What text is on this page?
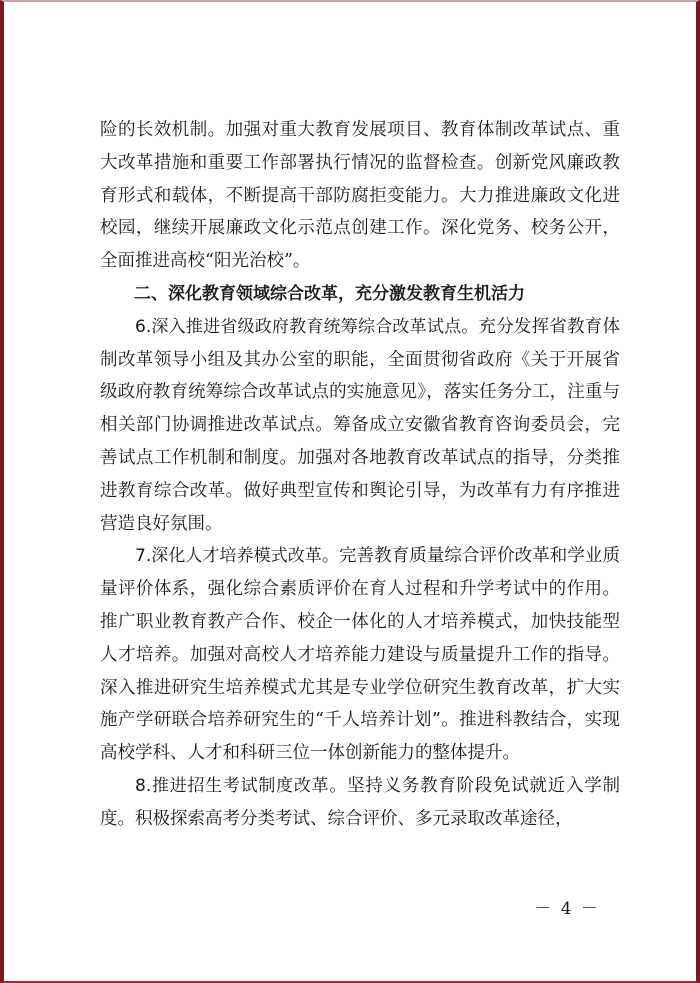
险的长效机制。加强对重大教育发展项目、教育体制改革试点、重大改革措施和重要工作部署执行情况的监督检查。创新党风廉政教育形式和载体，不断提高干部防腐拒变能力。大力推进廉政文化进校园，继续开展廉政文化示范点创建工作。深化党务、校务公开，全面推进高校“阳光治校”。

二、深化教育领域综合改革，充分激发教育生机活力

6.深入推进省级政府教育统筹综合改革试点。充分发挥省教育体制改革领导小组及其办公室的职能，全面贯彻省政府《关于开展省级政府教育统筹综合改革试点的实施意见》，落实任务分工，注重与相关部门协调推进改革试点。筹备成立安徽省教育咨询委员会，完善试点工作机制和制度。加强对各地教育改革试点的指导，分类推进教育综合改革。做好典型宣传和舆论引导，为改革有力有序推进营造良好氛围。

7.深化人才培养模式改革。完善教育质量综合评价改革和学业质量评价体系，强化综合素质评价在育人过程和升学考试中的作用。推广职业教育教产合作、校企一体化的人才培养模式，加快技能型人才培养。加强对高校人才培养能力建设与质量提升工作的指导。深入推进研究生培养模式尤其是专业学位研究生教育改革，扩大实施产学研联合培养研究生的“千人培养计划”。推进科教结合，实现高校学科、人才和科研三位一体创新能力的整体提升。

8.推进招生考试制度改革。坚持义务教育阶段免试就近入学制度。积极探索高考分类考试、综合评价、多元录取改革途径，

－ 4 －
